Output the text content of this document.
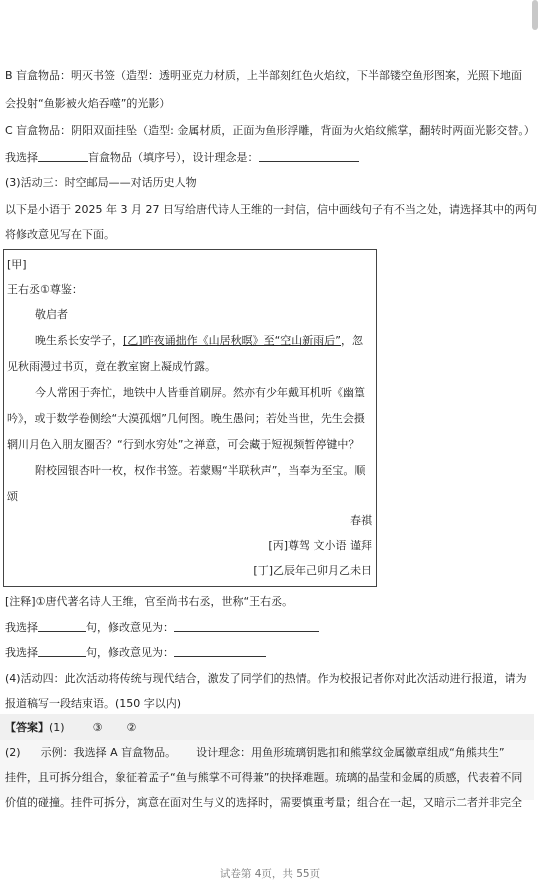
B 盲盒物品：明灭书签（造型：透明亚克力材质，上半部刻红色火焰纹，下半部镂空鱼形图案，光照下地面
会投射“鱼影被火焰吞噬”的光影）
C 盲盒物品：阴阳双面挂坠（造型: 金属材质，正面为鱼形浮雕，背面为火焰纹熊掌，翻转时两面光影交替。）
我选择	盲盒物品（填序号），设计理念是：
(3)活动三：时空邮局——对话历史人物
以下是小语于 2025 年 3 月 27 日写给唐代诗人王维的一封信，信中画线句子有不当之处，请选择其中的两句
将修改意见写在下面。
[甲]
王右丞①尊鉴：
敬启者
晚生系长安学子，[乙]昨夜诵拙作《山居秋暝》至“空山新雨后”，忽
见秋雨漫过书页，竟在教室窗上凝成竹露。
今人常困于奔忙，地铁中人皆垂首刷屏。然亦有少年戴耳机听《幽篁
吟》，或于数学卷侧绘“大漠孤烟”几何图。晚生愚问；若处当世，先生会摄
辋川月色入朋友圈否？“行到水穷处”之禅意，可会藏于短视频暂停键中？
附校园银杏叶一枚，权作书签。若蒙赐“半联秋声”，当奉为至宝。顺
颂
春祺
[丙]尊驾 文小语 谨拜
[丁]乙辰年己卯月乙未日
[注释]①唐代著名诗人王维，官至尚书右丞，世称“王右丞。
我选择	句，修改意见为：
我选择	句，修改意见为：
(4)活动四：此次活动将传统与现代结合，激发了同学们的热情。作为校报记者你对此次活动进行报道，请为
报道稿写一段结束语。(150 字以内)
【答案】(1)	③ ②
(2) 示例：我选择 A 盲盒物品。 设计理念：用鱼形琉璃钥匙扣和熊掌纹金属徽章组成“角熊共生”
挂件，且可拆分组合，象征着孟子“鱼与熊掌不可得兼”的抉择难题。琉璃的晶莹和金属的质感，代表着不同
价值的碰撞。挂件可拆分，寓意在面对生与义的选择时，需要慎重考量；组合在一起，又暗示二者并非完全
试卷第 4页，共 55页
